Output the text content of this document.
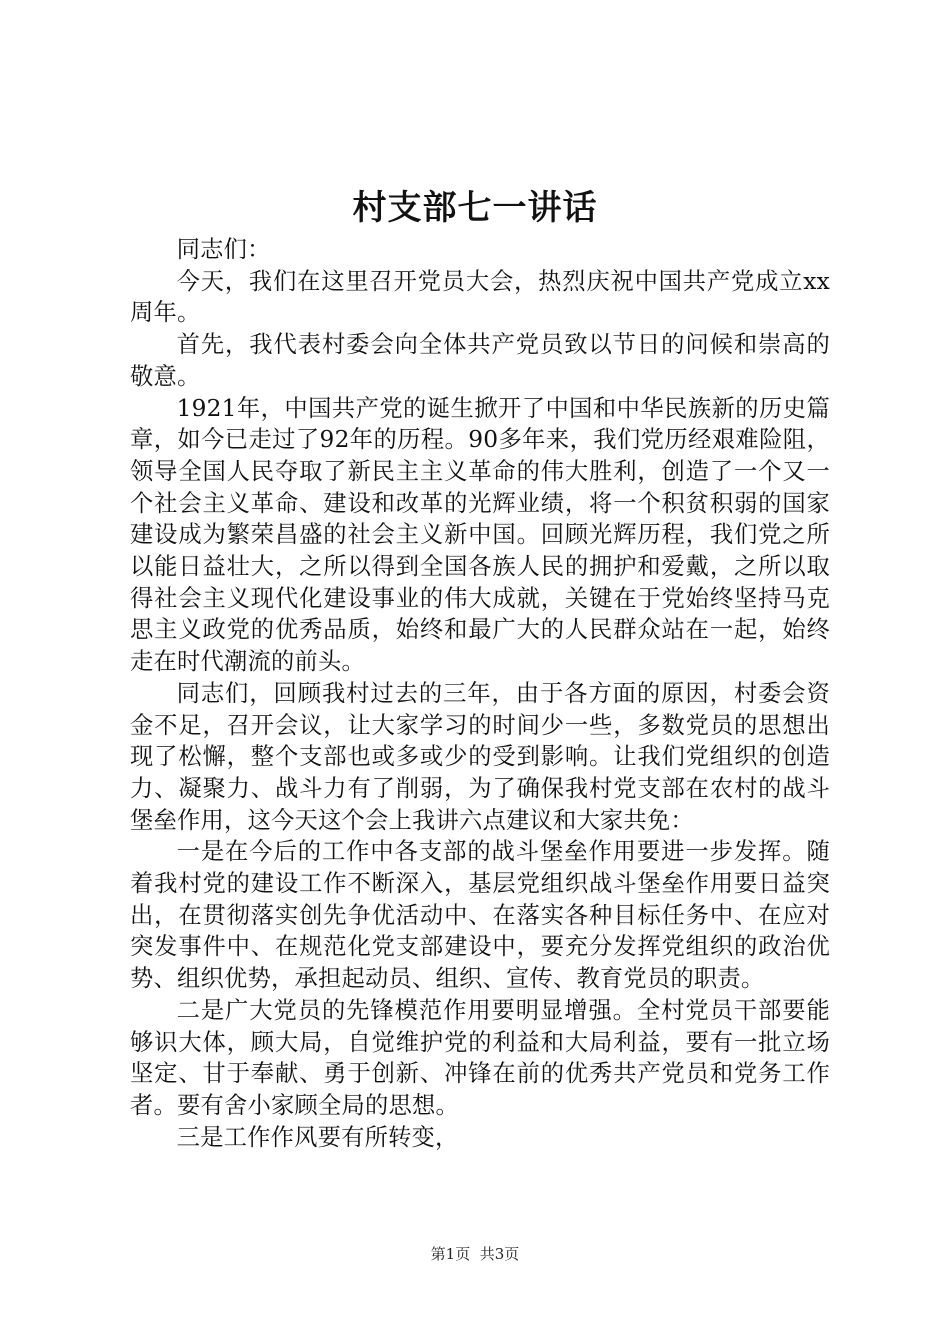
村支部七一讲话

同志们：

今天，我们在这里召开党员大会，热烈庆祝中国共产党成立xx周年。

首先，我代表村委会向全体共产党员致以节日的问候和崇高的敬意。

1921年，中国共产党的诞生掀开了中国和中华民族新的历史篇章，如今已走过了92年的历程。90多年来，我们党历经艰难险阻，领导全国人民夺取了新民主主义革命的伟大胜利，创造了一个又一个社会主义革命、建设和改革的光辉业绩，将一个积贫积弱的国家建设成为繁荣昌盛的社会主义新中国。回顾光辉历程，我们党之所以能日益壮大，之所以得到全国各族人民的拥护和爱戴，之所以取得社会主义现代化建设事业的伟大成就，关键在于党始终坚持马克思主义政党的优秀品质，始终和最广大的人民群众站在一起，始终走在时代潮流的前头。

同志们，回顾我村过去的三年，由于各方面的原因，村委会资金不足，召开会议，让大家学习的时间少一些，多数党员的思想出现了松懈，整个支部也或多或少的受到影响。让我们党组织的创造力、凝聚力、战斗力有了削弱，为了确保我村党支部在农村的战斗堡垒作用，这今天这个会上我讲六点建议和大家共免：

一是在今后的工作中各支部的战斗堡垒作用要进一步发挥。随着我村党的建设工作不断深入，基层党组织战斗堡垒作用要日益突出，在贯彻落实创先争优活动中、在落实各种目标任务中、在应对突发事件中、在规范化党支部建设中，要充分发挥党组织的政治优势、组织优势，承担起动员、组织、宣传、教育党员的职责。

二是广大党员的先锋模范作用要明显增强。全村党员干部要能够识大体，顾大局，自觉维护党的利益和大局利益，要有一批立场坚定、甘于奉献、勇于创新、冲锋在前的优秀共产党员和党务工作者。要有舍小家顾全局的思想。

三是工作作风要有所转变，

第1页 共3页
